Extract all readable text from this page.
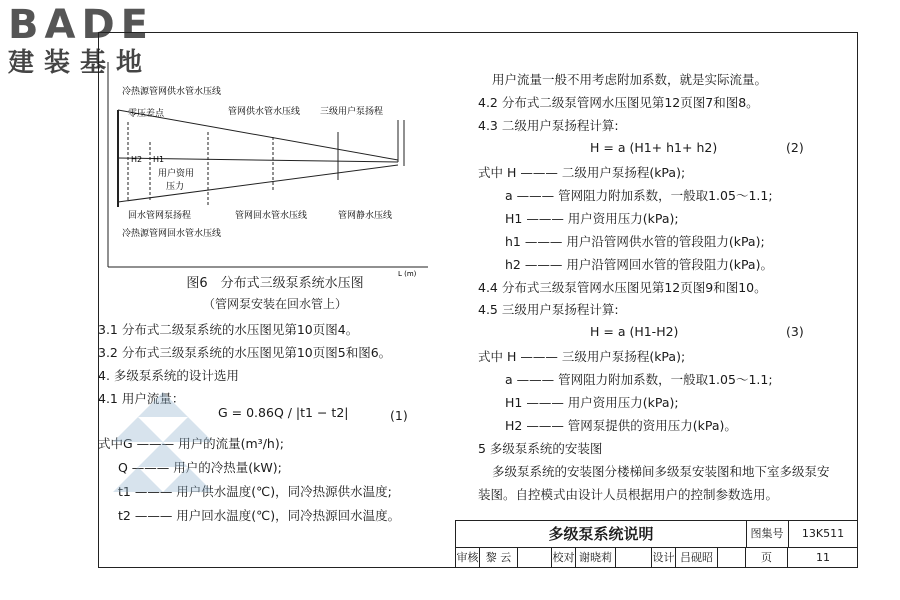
BADE
建装基地
冷热源管网供水管水压线
零压差点	管网供水管水压线 三级用户泵扬程
H2 H1
用户资用
压力
回水管网泵扬程	管网回水管水压线	管网静水压线
冷热源管网回水管水压线
L (m)
图6　分布式三级泵系统水压图
（管网泵安装在回水管上）
3.1 分布式二级泵系统的水压图见第10页图4。
3.2 分布式三级泵系统的水压图见第10页图5和图6。
4. 多级泵系统的设计选用
4.1 用户流量：
G = 0.86Q / |t1 − t2|	(1)
式中G ——— 用户的流量(m³/h);
Q ——— 用户的冷热量(kW);
t1 ——— 用户供水温度(℃)，同冷热源供水温度;
t2 ——— 用户回水温度(℃)，同冷热源回水温度。
用户流量一般不用考虑附加系数，就是实际流量。
4.2 分布式二级泵管网水压图见第12页图7和图8。
4.3 二级用户泵扬程计算:
H = a (H1+ h1+ h2)	(2)
式中 H ——— 二级用户泵扬程(kPa);
a ——— 管网阻力附加系数，一般取1.05～1.1;
H1 ——— 用户资用压力(kPa);
h1 ——— 用户沿管网供水管的管段阻力(kPa);
h2 ——— 用户沿管网回水管的管段阻力(kPa)。
4.4 分布式三级泵管网水压图见第12页图9和图10。
4.5 三级用户泵扬程计算:
H = a (H1-H2)	(3)
式中 H ——— 三级用户泵扬程(kPa);
a ——— 管网阻力附加系数，一般取1.05～1.1;
H1 ——— 用户资用压力(kPa);
H2 ——— 管网泵提供的资用压力(kPa)。
5 多级泵系统的安装图
多级泵系统的安装图分楼梯间多级泵安装图和地下室多级泵安
装图。自控模式由设计人员根据用户的控制参数选用。
多级泵系统说明	图集号	13K511
审核 黎 云	校对 谢晓莉	设计 吕砚昭	页	11
